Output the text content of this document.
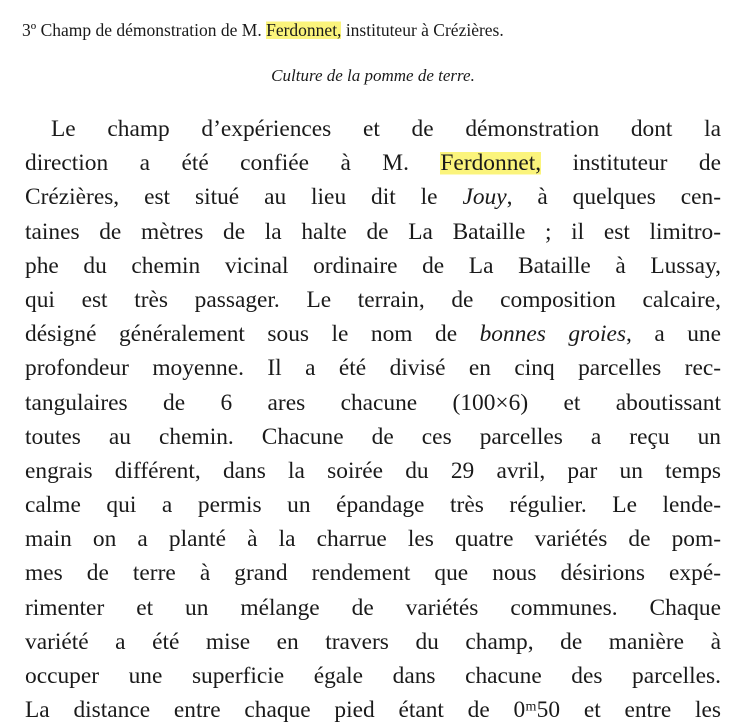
3º Champ de démonstration de M. Ferdonnet, instituteur à Crézières.
Culture de la pomme de terre.
Le champ d’expériences et de démonstration dont la
direction a été confiée à M. Ferdonnet, instituteur de
Crézières, est situé au lieu dit le Jouy, à quelques cen-
taines de mètres de la halte de La Bataille ; il est limitro-
phe du chemin vicinal ordinaire de La Bataille à Lussay,
qui est très passager. Le terrain, de composition calcaire,
désigné généralement sous le nom de bonnes groies, a une
profondeur moyenne. Il a été divisé en cinq parcelles rec-
tangulaires de 6 ares chacune (100×6) et aboutissant
toutes au chemin. Chacune de ces parcelles a reçu un
engrais différent, dans la soirée du 29 avril, par un temps
calme qui a permis un épandage très régulier. Le lende-
main on a planté à la charrue les quatre variétés de pom-
mes de terre à grand rendement que nous désirions expé-
rimenter et un mélange de variétés communes. Chaque
variété a été mise en travers du champ, de manière à
occuper une superficie égale dans chacune des parcelles.
La distance entre chaque pied étant de 0ᵐ50 et entre les
